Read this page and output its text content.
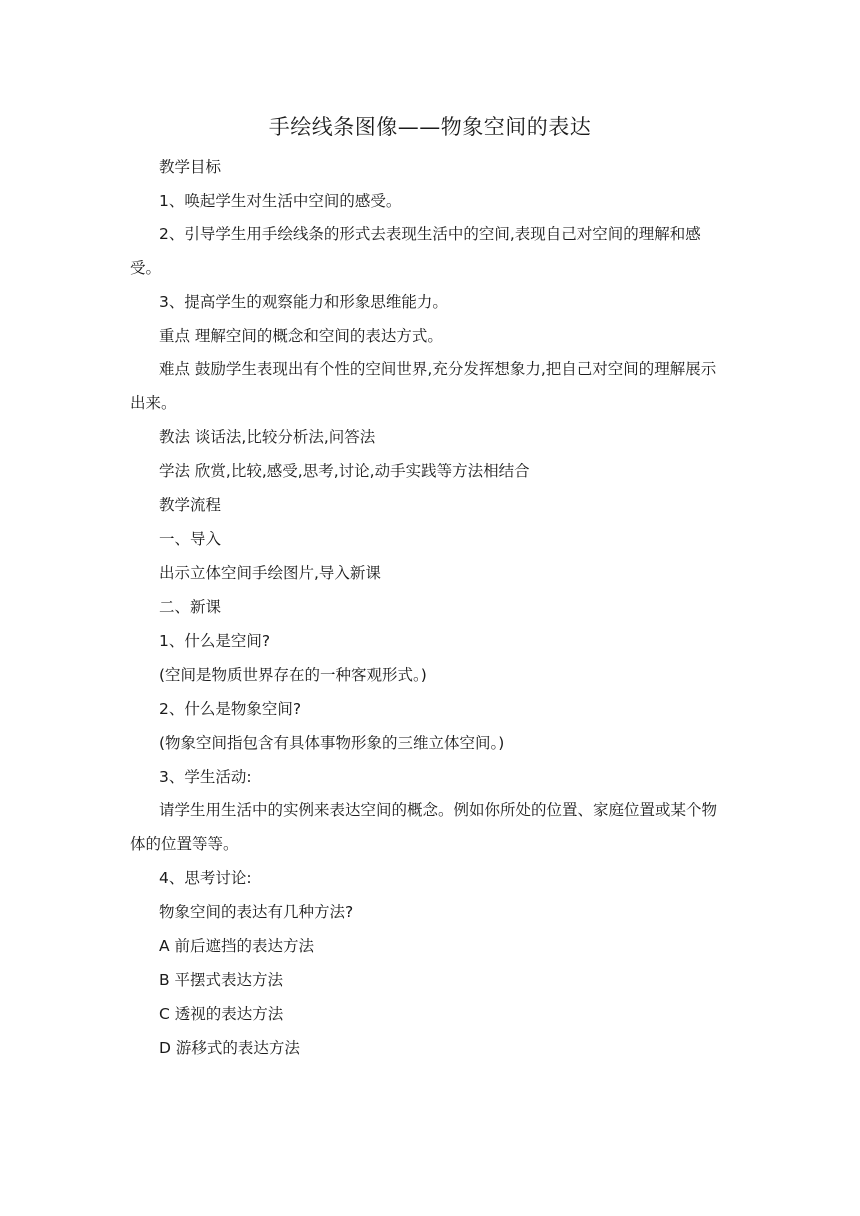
手绘线条图像——物象空间的表达
教学目标
1、唤起学生对生活中空间的感受。

2、引导学生用手绘线条的形式去表现生活中的空间,表现自己对空间的理解和感受。

3、提高学生的观察能力和形象思维能力。
重点 理解空间的概念和空间的表达方式。

难点 鼓励学生表现出有个性的空间世界,充分发挥想象力,把自己对空间的理解展示出来。

教法 谈话法,比较分析法,问答法
学法 欣赏,比较,感受,思考,讨论,动手实践等方法相结合
教学流程
一、导入
出示立体空间手绘图片,导入新课
二、新课
1、什么是空间?
(空间是物质世界存在的一种客观形式。)
2、什么是物象空间?
(物象空间指包含有具体事物形象的三维立体空间。)
3、学生活动:

请学生用生活中的实例来表达空间的概念。例如你所处的位置、家庭位置或某个物体的位置等等。

4、思考讨论:
物象空间的表达有几种方法?
A 前后遮挡的表达方法
B 平摆式表达方法
C 透视的表达方法
D 游移式的表达方法
